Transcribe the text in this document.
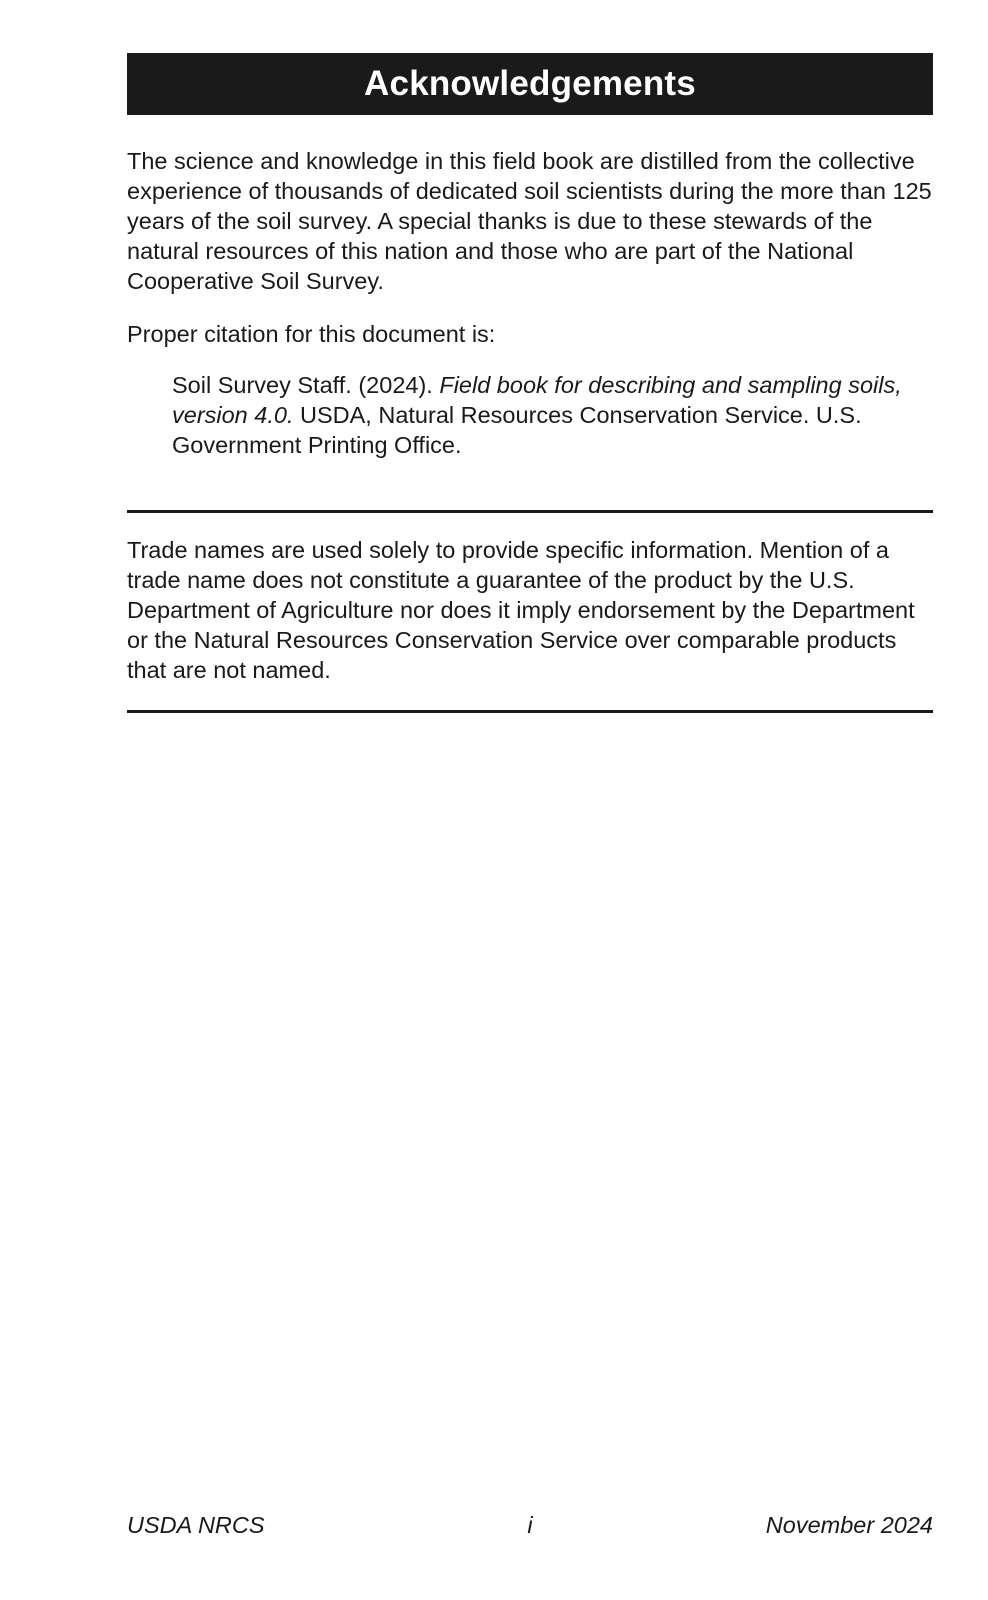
Acknowledgements

The science and knowledge in this field book are distilled from the collective experience of thousands of dedicated soil scientists during the more than 125 years of the soil survey. A special thanks is due to these stewards of the natural resources of this nation and those who are part of the National Cooperative Soil Survey.

Proper citation for this document is:

Soil Survey Staff. (2024). Field book for describing and sampling soils, version 4.0. USDA, Natural Resources Conservation Service. U.S. Government Printing Office.

Trade names are used solely to provide specific information. Mention of a trade name does not constitute a guarantee of the product by the U.S. Department of Agriculture nor does it imply endorsement by the Department or the Natural Resources Conservation Service over comparable products that are not named.

USDA NRCS	i	November 2024
